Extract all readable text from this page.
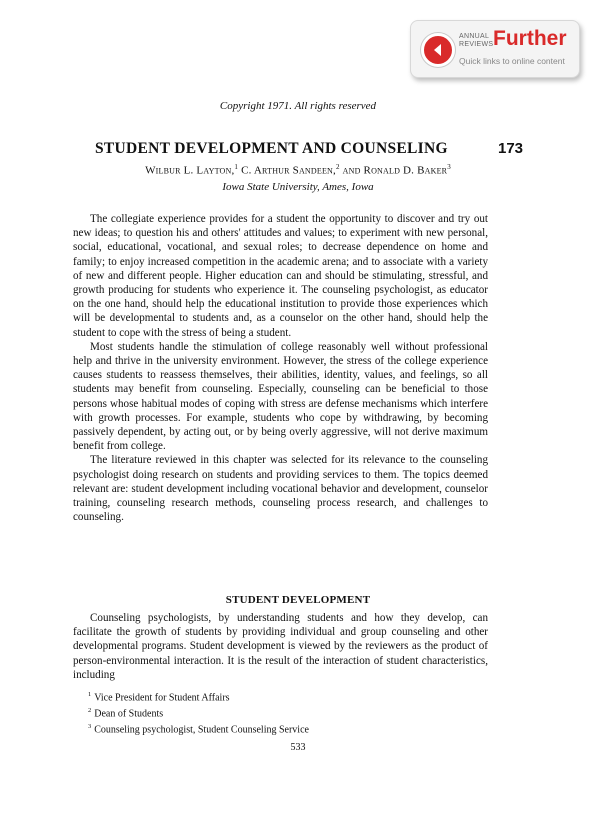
ANNUAL
REVIEWS Further
Quick links to online content
Copyright 1971. All rights reserved
STUDENT DEVELOPMENT AND COUNSELING	173
Wilbur L. Layton,$^1$ C. Arthur Sandeen,$^2$ and Ronald D. Baker$^3$
Iowa State University, Ames, Iowa

The collegiate experience provides for a student the opportunity to discover and try out new ideas; to question his and others' attitudes and values; to experiment with new personal, social, educational, vocational, and sexual roles; to decrease dependence on home and family; to enjoy increased competition in the academic arena; and to associate with a variety of new and different people. Higher education can and should be stimulating, stressful, and growth producing for students who experience it. The counseling psychologist, as educator on the one hand, should help the educational institution to provide those experiences which will be developmental to students and, as a counselor on the other hand, should help the student to cope with the stress of being a student.

Most students handle the stimulation of college reasonably well without professional help and thrive in the university environment. However, the stress of the college experience causes students to reassess themselves, their abilities, identity, values, and feelings, so all students may benefit from counseling. Especially, counseling can be beneficial to those persons whose habitual modes of coping with stress are defense mechanisms which interfere with growth processes. For example, students who cope by withdrawing, by becoming passively dependent, by acting out, or by being overly aggressive, will not derive maximum benefit from college.

The literature reviewed in this chapter was selected for its relevance to the counseling psychologist doing research on students and providing services to them. The topics deemed relevant are: student development including vocational behavior and development, counselor training, counseling research methods, counseling process research, and challenges to counseling.

STUDENT DEVELOPMENT

Counseling psychologists, by understanding students and how they develop, can facilitate the growth of students by providing individual and group counseling and other developmental programs. Student development is viewed by the reviewers as the product of person-environmental interaction. It is the result of the interaction of student characteristics, including

$^1$ Vice President for Student Affairs
$^2$ Dean of Students
$^3$ Counseling psychologist, Student Counseling Service
533
